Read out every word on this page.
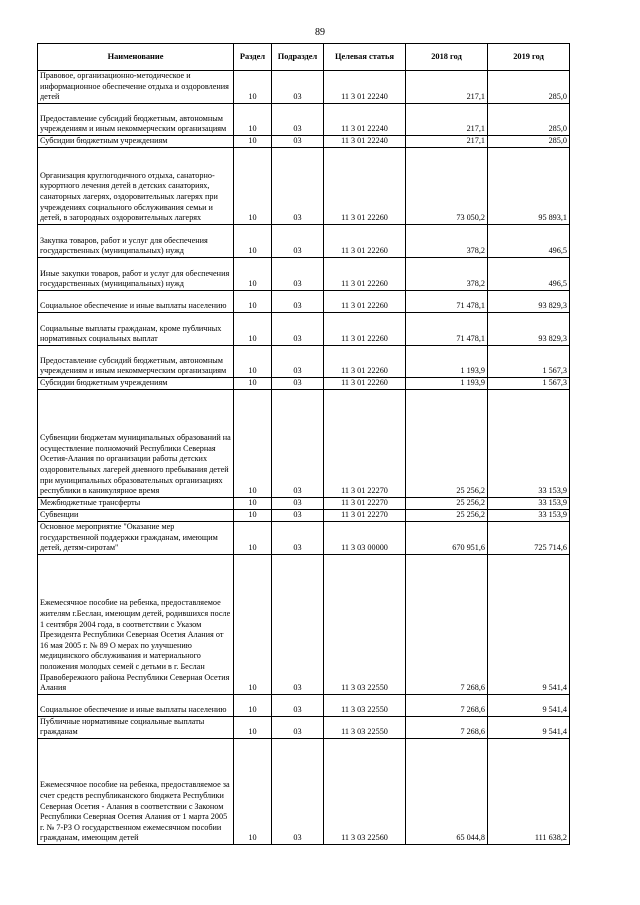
89
Наименование	Раздел	Подраздел	Целевая статья	2018 год	2019 год
Правовое, организационно-методическое и информационное обеспечение отдыха и оздоровления детей	10	03	11 3 01 22240	217,1	285,0
Предоставление субсидий бюджетным, автономным учреждениям и иным некоммерческим организациям	10	03	11 3 01 22240	217,1	285,0
Субсидии бюджетным учреждениям	10	03	11 3 01 22240	217,1	285,0
Организация круглогодичного отдыха, санаторно-курортного лечения детей в детских санаториях, санаторных лагерях, оздоровительных лагерях при учреждениях социального обслуживания семьи и детей, в загородных оздоровительных лагерях	10	03	11 3 01 22260	73 050,2	95 893,1
Закупка товаров, работ и услуг для обеспечения государственных (муниципальных) нужд	10	03	11 3 01 22260	378,2	496,5
Иные закупки товаров, работ и услуг для обеспечения государственных (муниципальных) нужд	10	03	11 3 01 22260	378,2	496,5
Социальное обеспечение и иные выплаты населению	10	03	11 3 01 22260	71 478,1	93 829,3
Социальные выплаты гражданам, кроме публичных нормативных социальных выплат	10	03	11 3 01 22260	71 478,1	93 829,3
Предоставление субсидий бюджетным, автономным учреждениям и иным некоммерческим организациям	10	03	11 3 01 22260	1 193,9	1 567,3
Субсидии бюджетным учреждениям	10	03	11 3 01 22260	1 193,9	1 567,3
Субвенции бюджетам муниципальных образований на осуществление полномочий Республики Северная Осетия-Алания по организации работы детских оздоровительных лагерей дневного пребывания детей при муниципальных образовательных организациях республики в каникулярное время	10	03	11 3 01 22270	25 256,2	33 153,9
Межбюджетные трансферты	10	03	11 3 01 22270	25 256,2	33 153,9
Субвенции	10	03	11 3 01 22270	25 256,2	33 153,9
Основное мероприятие "Оказание мер государственной поддержки гражданам, имеющим детей, детям-сиротам"	10	03	11 3 03 00000	670 951,6	725 714,6
Ежемесячное пособие на ребенка, предоставляемое жителям г.Беслан, имеющим детей, родившихся после 1 сентября 2004 года, в соответствии с Указом Президента Республики Северная Осетия Алания от 16 мая 2005 г. № 89 О мерах по улучшению медицинского обслуживания и материального положения молодых семей с детьми в г. Беслан Правобережного района Республики Северная Осетия Алания	10	03	11 3 03 22550	7 268,6	9 541,4
Социальное обеспечение и иные выплаты населению	10	03	11 3 03 22550	7 268,6	9 541,4
Публичные нормативные социальные выплаты гражданам	10	03	11 3 03 22550	7 268,6	9 541,4
Ежемесячное пособие на ребенка, предоставляемое за счет средств республиканского бюджета Республики Северная Осетия - Алания в соответствии с Законом Республики Северная Осетия Алания от 1 марта 2005 г. № 7-РЗ О государственном ежемесячном пособии гражданам, имеющим детей	10	03	11 3 03 22560	65 044,8	111 638,2
